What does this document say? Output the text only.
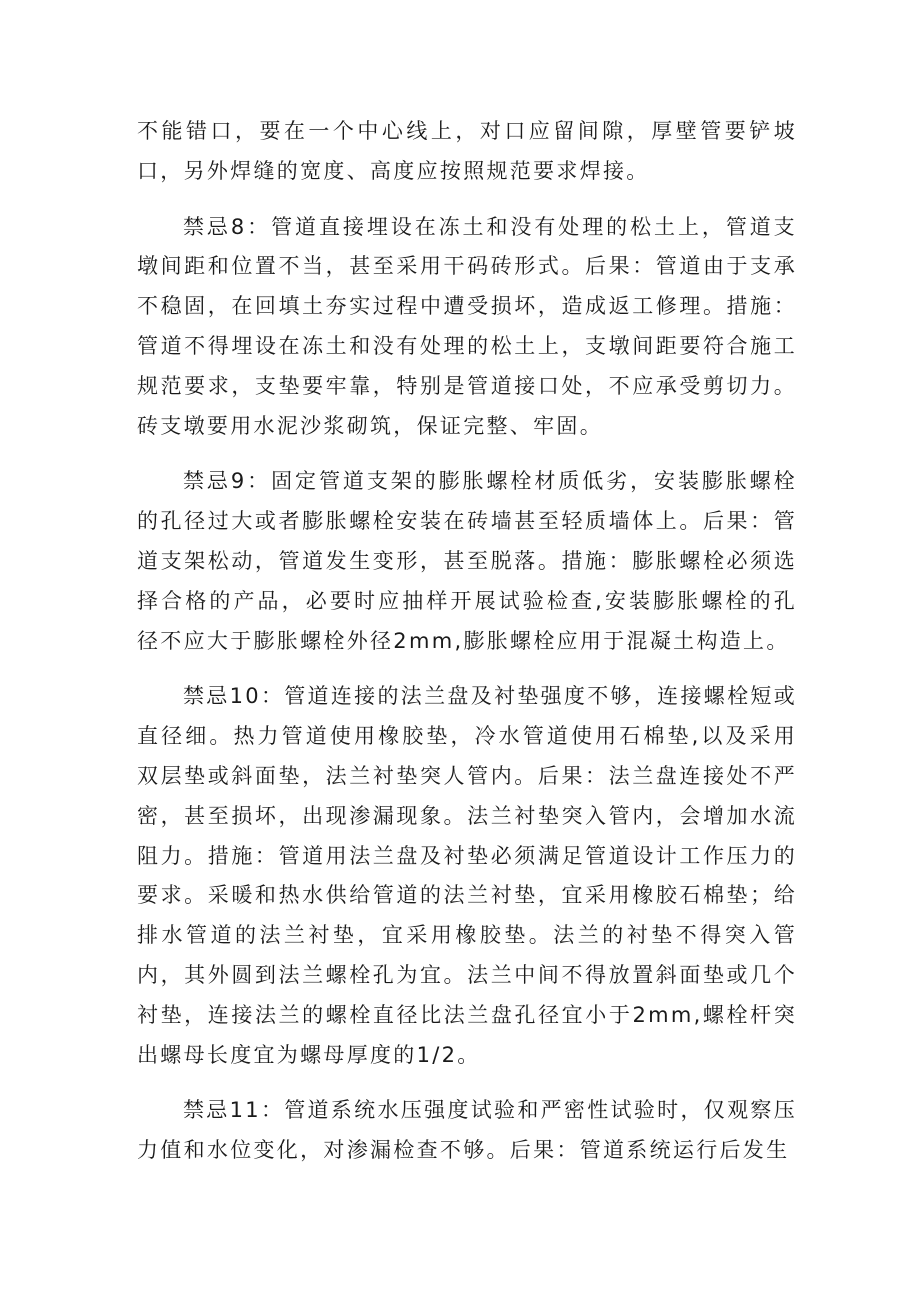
不能错口，要在一个中心线上，对口应留间隙，厚壁管要铲坡口，另外焊缝的宽度、高度应按照规范要求焊接。

禁忌8：管道直接埋设在冻土和没有处理的松土上，管道支墩间距和位置不当，甚至采用干码砖形式。后果：管道由于支承不稳固，在回填土夯实过程中遭受损坏，造成返工修理。措施：管道不得埋设在冻土和没有处理的松土上，支墩间距要符合施工规范要求，支垫要牢靠，特别是管道接口处，不应承受剪切力。砖支墩要用水泥沙浆砌筑，保证完整、牢固。

禁忌9：固定管道支架的膨胀螺栓材质低劣，安装膨胀螺栓的孔径过大或者膨胀螺栓安装在砖墙甚至轻质墙体上。后果：管道支架松动，管道发生变形，甚至脱落。措施：膨胀螺栓必须选择合格的产品，必要时应抽样开展试验检查,安装膨胀螺栓的孔径不应大于膨胀螺栓外径2mm,膨胀螺栓应用于混凝土构造上。

禁忌10：管道连接的法兰盘及衬垫强度不够，连接螺栓短或直径细。热力管道使用橡胶垫，冷水管道使用石棉垫,以及采用双层垫或斜面垫，法兰衬垫突人管内。后果：法兰盘连接处不严密，甚至损坏，出现渗漏现象。法兰衬垫突入管内，会增加水流阻力。措施：管道用法兰盘及衬垫必须满足管道设计工作压力的要求。采暖和热水供给管道的法兰衬垫，宜采用橡胶石棉垫；给排水管道的法兰衬垫，宜采用橡胶垫。法兰的衬垫不得突入管内，其外圆到法兰螺栓孔为宜。法兰中间不得放置斜面垫或几个衬垫，连接法兰的螺栓直径比法兰盘孔径宜小于2mm,螺栓杆突出螺母长度宜为螺母厚度的1/2。

禁忌11：管道系统水压强度试验和严密性试验时，仅观察压力值和水位变化，对渗漏检查不够。后果：管道系统运行后发生
